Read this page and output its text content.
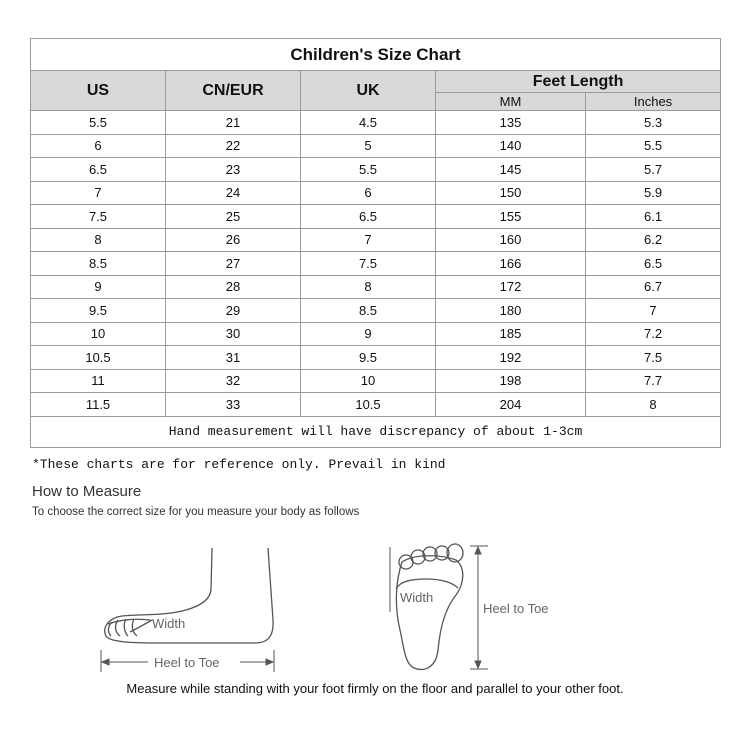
Children's Size Chart				
US	CN/EUR	UK	Feet Length	
			MM	Inches
5.5	21	4.5	135	5.3
6	22	5	140	5.5
6.5	23	5.5	145	5.7
7	24	6	150	5.9
7.5	25	6.5	155	6.1
8	26	7	160	6.2
8.5	27	7.5	166	6.5
9	28	8	172	6.7
9.5	29	8.5	180	7
10	30	9	185	7.2
10.5	31	9.5	192	7.5
11	32	10	198	7.7
11.5	33	10.5	204	8
Hand measurement will have discrepancy of about 1-3cm				
*These charts are for reference only. Prevail in kind
How to Measure
To choose the correct size for you measure your body as follows
Width
Heel to Toe
Width
Heel to Toe
Measure while standing with your foot firmly on the floor and parallel to your other foot.
